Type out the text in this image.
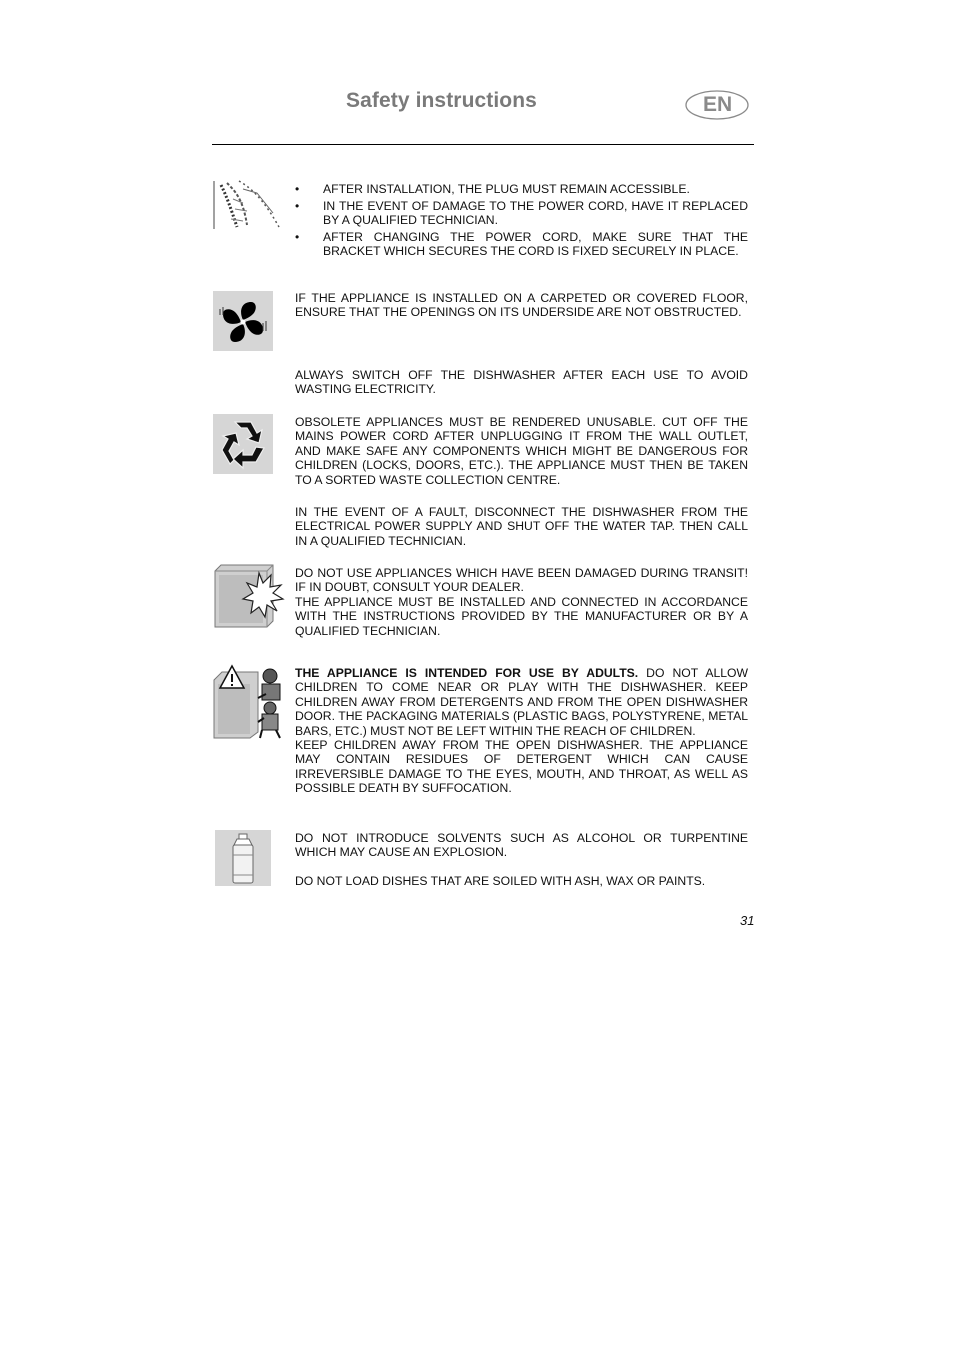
Safety instructions	EN
• AFTER INSTALLATION, THE PLUG MUST REMAIN ACCESSIBLE.
• IN THE EVENT OF DAMAGE TO THE POWER CORD, HAVE IT REPLACED BY A QUALIFIED TECHNICIAN.
• AFTER CHANGING THE POWER CORD, MAKE SURE THAT THE BRACKET WHICH SECURES THE CORD IS FIXED SECURELY IN PLACE.
IF THE APPLIANCE IS INSTALLED ON A CARPETED OR COVERED FLOOR, ENSURE THAT THE OPENINGS ON ITS UNDERSIDE ARE NOT OBSTRUCTED.
ALWAYS SWITCH OFF THE DISHWASHER AFTER EACH USE TO AVOID WASTING ELECTRICITY.
OBSOLETE APPLIANCES MUST BE RENDERED UNUSABLE. CUT OFF THE MAINS POWER CORD AFTER UNPLUGGING IT FROM THE WALL OUTLET, AND MAKE SAFE ANY COMPONENTS WHICH MIGHT BE DANGEROUS FOR CHILDREN (LOCKS, DOORS, ETC.). THE APPLIANCE MUST THEN BE TAKEN TO A SORTED WASTE COLLECTION CENTRE.
IN THE EVENT OF A FAULT, DISCONNECT THE DISHWASHER FROM THE ELECTRICAL POWER SUPPLY AND SHUT OFF THE WATER TAP. THEN CALL IN A QUALIFIED TECHNICIAN.

DO NOT USE APPLIANCES WHICH HAVE BEEN DAMAGED DURING TRANSIT! IF IN DOUBT, CONSULT YOUR DEALER.

THE APPLIANCE MUST BE INSTALLED AND CONNECTED IN ACCORDANCE WITH THE INSTRUCTIONS PROVIDED BY THE MANUFACTURER OR BY A QUALIFIED TECHNICIAN.

THE APPLIANCE IS INTENDED FOR USE BY ADULTS. DO NOT ALLOW CHILDREN TO COME NEAR OR PLAY WITH THE DISHWASHER. KEEP CHILDREN AWAY FROM DETERGENTS AND FROM THE OPEN DISHWASHER DOOR. THE PACKAGING MATERIALS (PLASTIC BAGS, POLYSTYRENE, METAL BARS, ETC.) MUST NOT BE LEFT WITHIN THE REACH OF CHILDREN.

KEEP CHILDREN AWAY FROM THE OPEN DISHWASHER. THE APPLIANCE MAY CONTAIN RESIDUES OF DETERGENT WHICH CAN CAUSE IRREVERSIBLE DAMAGE TO THE EYES, MOUTH, AND THROAT, AS WELL AS POSSIBLE DEATH BY SUFFOCATION.

DO NOT INTRODUCE SOLVENTS SUCH AS ALCOHOL OR TURPENTINE WHICH MAY CAUSE AN EXPLOSION.

DO NOT LOAD DISHES THAT ARE SOILED WITH ASH, WAX OR PAINTS.

31
